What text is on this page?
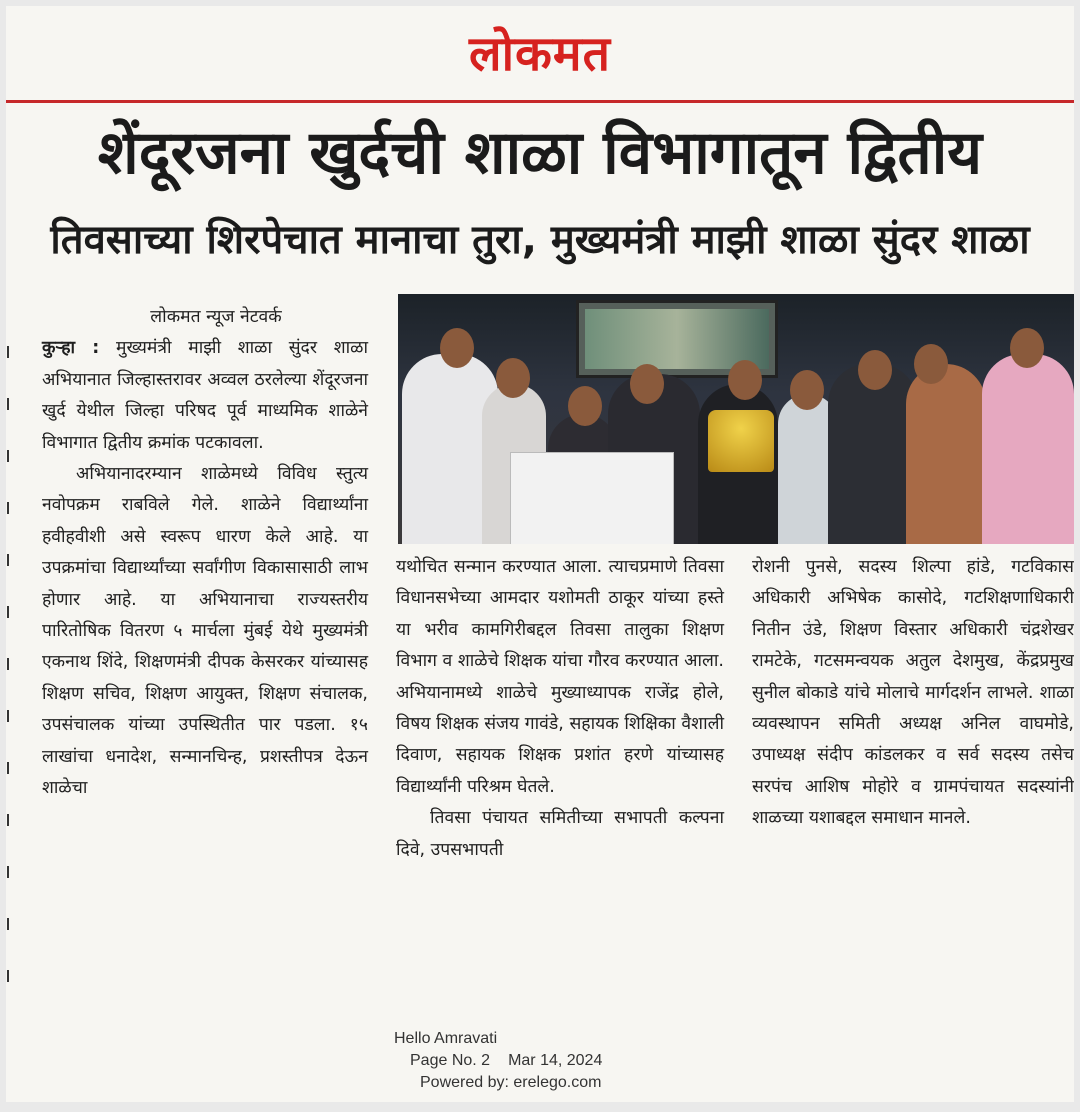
लोकमत
शेंदूरजना खुर्दची शाळा विभागातून द्वितीय
तिवसाच्या शिरपेचात मानाचा तुरा, मुख्यमंत्री माझी शाळा सुंदर शाळा

लोकमत न्यूज नेटवर्क

कुऱ्हा : मुख्यमंत्री माझी शाळा सुंदर शाळा अभियानात जिल्हास्तरावर अव्वल ठरलेल्या शेंदूरजना खुर्द येथील जिल्हा परिषद पूर्व माध्यमिक शाळेने विभागात द्वितीय क्रमांक पटकावला.

अभियानादरम्यान शाळेमध्ये विविध स्तुत्य नवोपक्रम राबविले गेले. शाळेने विद्यार्थ्यांना हवीहवीशी असे स्वरूप धारण केले आहे. या उपक्रमांचा विद्यार्थ्यांच्या सर्वांगीण विकासासाठी लाभ होणार आहे. या अभियानाचा राज्यस्तरीय पारितोषिक वितरण ५ मार्चला मुंबई येथे मुख्यमंत्री एकनाथ शिंदे, शिक्षणमंत्री दीपक केसरकर यांच्यासह शिक्षण सचिव, शिक्षण आयुक्त, शिक्षण संचालक, उपसंचालक यांच्या उपस्थितीत पार पडला. १५ लाखांचा धनादेश, सन्मानचिन्ह, प्रशस्तीपत्र देऊन शाळेचा

यथोचित सन्मान करण्यात आला. त्याचप्रमाणे तिवसा विधानसभेच्या आमदार यशोमती ठाकूर यांच्या हस्ते या भरीव कामगिरीबद्दल तिवसा तालुका शिक्षण विभाग व शाळेचे शिक्षक यांचा गौरव करण्यात आला. अभियानामध्ये शाळेचे मुख्याध्यापक राजेंद्र होले, विषय शिक्षक संजय गावंडे, सहायक शिक्षिका वैशाली दिवाण, सहायक शिक्षक प्रशांत हरणे यांच्यासह विद्यार्थ्यांनी परिश्रम घेतले.

तिवसा पंचायत समितीच्या सभापती कल्पना दिवे, उपसभापती

रोशनी पुनसे, सदस्य शिल्पा हांडे, गटविकास अधिकारी अभिषेक कासोदे, गटशिक्षणाधिकारी नितीन उंडे, शिक्षण विस्तार अधिकारी चंद्रशेखर रामटेके, गटसमन्वयक अतुल देशमुख, केंद्रप्रमुख सुनील बोकाडे यांचे मोलाचे मार्गदर्शन लाभले. शाळा व्यवस्थापन समिती अध्यक्ष अनिल वाघमोडे, उपाध्यक्ष संदीप कांडलकर व सर्व सदस्य तसेच सरपंच आशिष मोहोरे व ग्रामपंचायत सदस्यांनी शाळच्या यशाबद्दल समाधान मानले.

Hello Amravati
Page No. 2 Mar 14, 2024
Powered by: erelego.com
